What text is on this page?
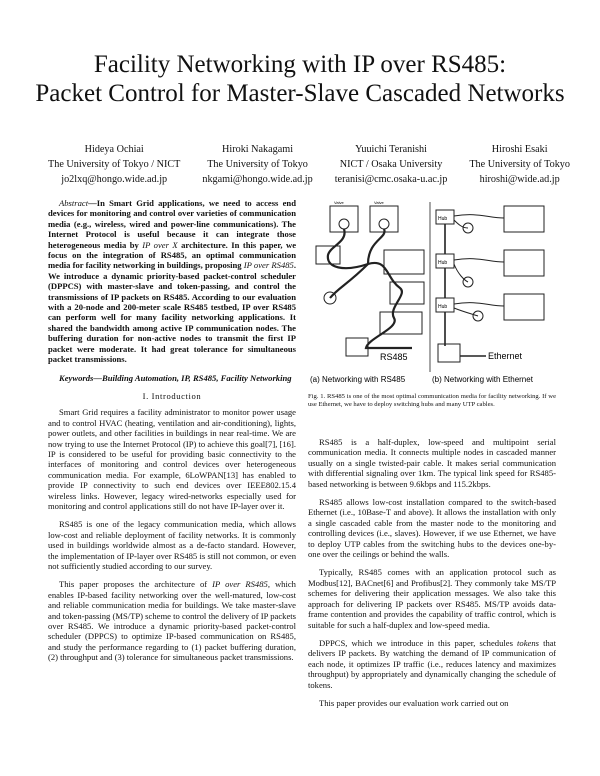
Facility Networking with IP over RS485:
Packet Control for Master-Slave Cascaded Networks
Hideya Ochiai
The University of Tokyo / NICT
jo2lxq@hongo.wide.ad.jp
Hiroki Nakagami
The University of Tokyo
nkgami@hongo.wide.ad.jp
Yuuichi Teranishi
NICT / Osaka University
teranisi@cmc.osaka-u.ac.jp
Hiroshi Esaki
The University of Tokyo
hiroshi@wide.ad.jp
Abstract—In Smart Grid applications, we need to access end devices for monitoring and control over varieties of communication media (e.g., wireless, wired and power-line communications). The Internet Protocol is useful because it can integrate those heterogeneous media by IP over X architecture. In this paper, we focus on the integration of RS485, an optimal communication media for facility networking in buildings, proposing IP over RS485. We introduce a dynamic priority-based packet-control scheduler (DPPCS) with master-slave and token-passing, and control the transmissions of IP packets on RS485. According to our evaluation with a 20-node and 200-meter scale RS485 testbed, IP over RS485 can perform well for many facility networking applications. It shared the bandwidth among active IP communication nodes. The buffering duration for non-active nodes to transmit the first IP packet were moderate. It had great tolerance for simultaneous packet transmissions.
Keywords—Building Automation, IP, RS485, Facility Networking
I. Introduction
Smart Grid requires a facility administrator to monitor power usage and to control HVAC (heating, ventilation and air-conditioning), lights, power outlets, and other facilities in buildings in near real-time. We are now trying to use the Internet Protocol (IP) to achieve this goal[7], [16]. IP is considered to be useful for providing basic connectivity to the interfaces of monitoring and control devices over heterogeneous communication media. For example, 6LoWPAN[13] has enabled to provide IP connectivity to such end devices over IEEE802.15.4 wireless links. However, legacy wired-networks especially used for monitoring and control applications still do not have IP-layer over it.
RS485 is one of the legacy communication media, which allows low-cost and reliable deployment of facility networks. It is commonly used in buildings worldwide almost as a de-facto standard. However, the implementation of IP-layer over RS485 is still not common, or even not sufficiently studied according to our survey.
This paper proposes the architecture of IP over RS485, which enables IP-based facility networking over the well-matured, low-cost and reliable communication media for buildings. We take master-slave and token-passing (MS/TP) scheme to control the delivery of IP packets over RS485. We introduce a dynamic priority-based packet-control scheduler (DPPCS) to optimize IP-based communication on RS485, and study the performance regarding to (1) packet buffering duration, (2) throughput and (3) tolerance for simultaneous packet transmissions.
Valve	Valve
RS485
Hub
Hub
Hub
Ethernet
(a) Networking with RS485	(b) Networking with Ethernet
Fig. 1. RS485 is one of the most optimal communication media for facility networking. If we use Ethernet, we have to deploy switching hubs and many UTP cables.
RS485 is a half-duplex, low-speed and multipoint serial communication media. It connects multiple nodes in cascaded manner usually on a single twisted-pair cable. It makes serial communication with differential signaling over 1km. The typical link speed for RS485-based networking is between 9.6kbps and 115.2kbps.
RS485 allows low-cost installation compared to the switch-based Ethernet (i.e., 10Base-T and above). It allows the installation with only a single cascaded cable from the master node to the monitoring and controlling devices (i.e., slaves). However, if we use Ethernet, we have to deploy UTP cables from the switching hubs to the devices one-by-one over the ceilings or behind the walls.
Typically, RS485 comes with an application protocol such as Modbus[12], BACnet[6] and Profibus[2]. They commonly take MS/TP schemes for delivering their application messages. We also take this approach for delivering IP packets over RS485. MS/TP avoids data-frame contention and provides the capability of traffic control, which is suitable for such a half-duplex and low-speed media.
DPPCS, which we introduce in this paper, schedules tokens that delivers IP packets. By watching the demand of IP communication of each node, it optimizes IP traffic (i.e., reduces latency and maximizes throughput) by appropriately and dynamically changing the schedule of tokens.
This paper provides our evaluation work carried out on
